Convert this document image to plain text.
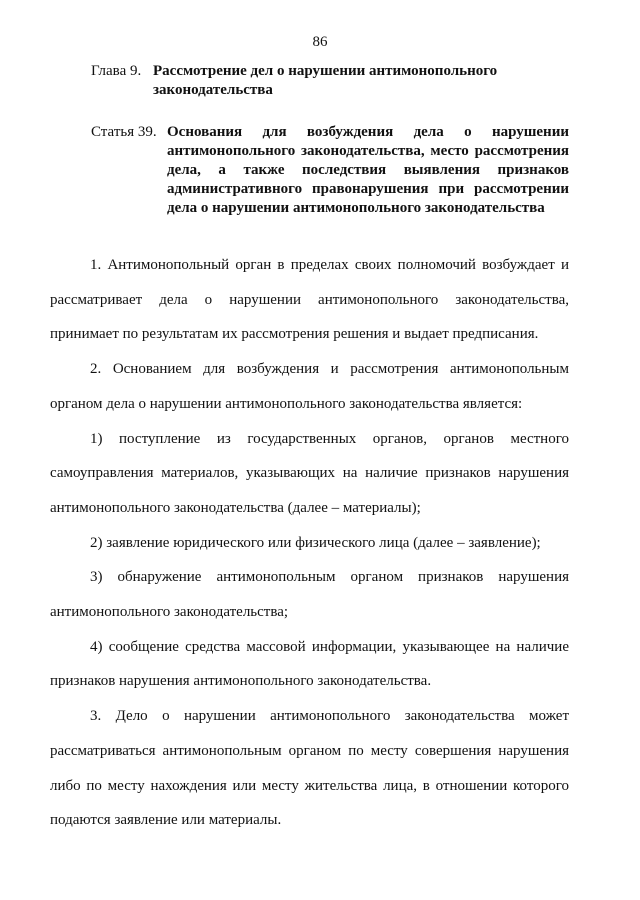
86
Глава 9. Рассмотрение дел о нарушении антимонопольного
законодательства
Статья 39. Основания для возбуждения дела о нарушении антимонопольного законодательства, место рассмотрения дела, а также последствия выявления признаков административного правонарушения при рассмотрении дела о нарушении антимонопольного законодательства

1. Антимонопольный орган в пределах своих полномочий возбуждает и рассматривает дела о нарушении антимонопольного законодательства, принимает по результатам их рассмотрения решения и выдает предписания.

2. Основанием для возбуждения и рассмотрения антимонопольным органом дела о нарушении антимонопольного законодательства является:

1) поступление из государственных органов, органов местного самоуправления материалов, указывающих на наличие признаков нарушения антимонопольного законодательства (далее – материалы);

2) заявление юридического или физического лица (далее – заявление);

3) обнаружение антимонопольным органом признаков нарушения антимонопольного законодательства;

4) сообщение средства массовой информации, указывающее на наличие признаков нарушения антимонопольного законодательства.

3. Дело о нарушении антимонопольного законодательства может рассматриваться антимонопольным органом по месту совершения нарушения либо по месту нахождения или месту жительства лица, в отношении которого подаются заявление или материалы.
